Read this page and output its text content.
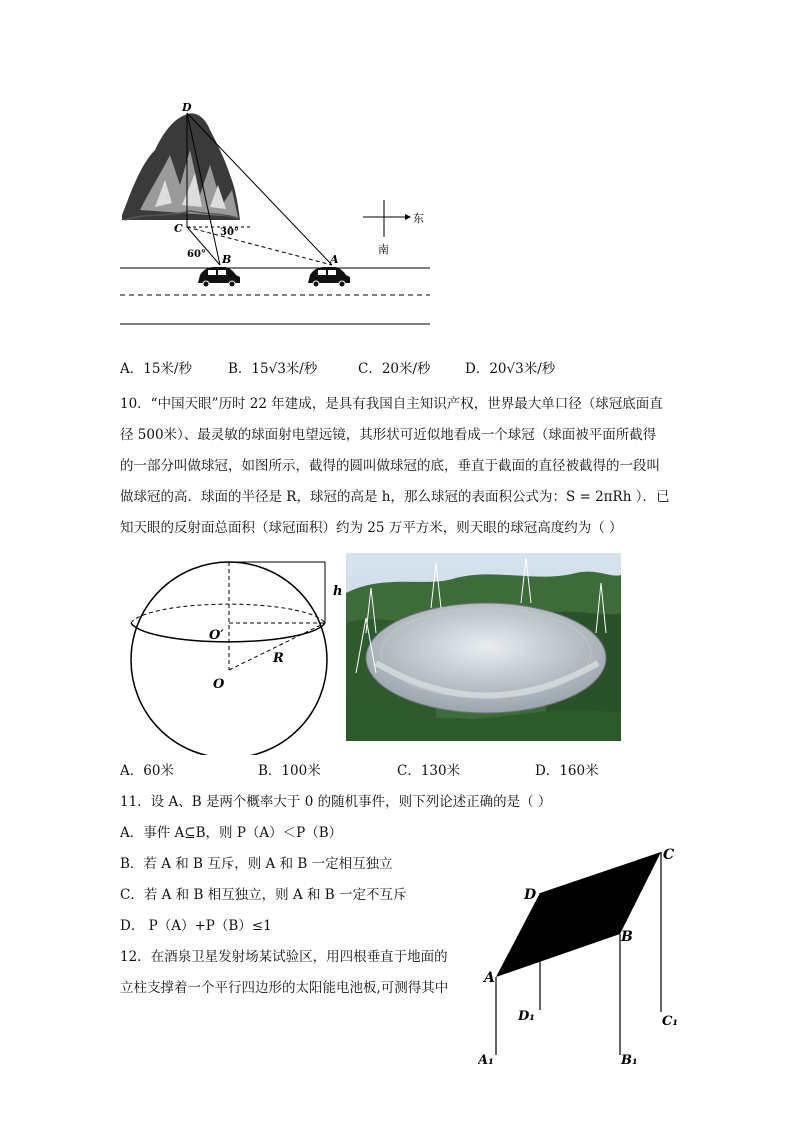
东
南
D
C
B	A
30°
60°
A．15米/秒	B．15√3米/秒	C．20米/秒	D．20√3米/秒
10．“中国天眼”历时 22 年建成，是具有我国自主知识产权，世界最大单口径（球冠底面直
径 500米）、最灵敏的球面射电望远镜，其形状可近似地看成一个球冠（球面被平面所截得
的一部分叫做球冠，如图所示，截得的圆叫做球冠的底，垂直于截面的直径被截得的一段叫
做球冠的高．球面的半径是 R，球冠的高是 h，那么球冠的表面积公式为：S = 2πRh ）．已
知天眼的反射面总面积（球冠面积）约为 25 万平方米，则天眼的球冠高度约为（ ）
h
O′
R
O
A．60米	B．100米	C．130米	D．160米
11．设 A、B 是两个概率大于 0 的随机事件，则下列论述正确的是（ ）
A．事件 A⊆B，则 P（A）＜P（B）
B．若 A 和 B 互斥，则 A 和 B 一定相互独立
C．若 A 和 B 相互独立，则 A 和 B 一定不互斥
D． P（A）+P（B）≤1
12．在酒泉卫星发射场某试验区，用四根垂直于地面的
立柱支撑着一个平行四边形的太阳能电池板,可测得其中
C
D
B
A
D₁	C₁
A₁	B₁
